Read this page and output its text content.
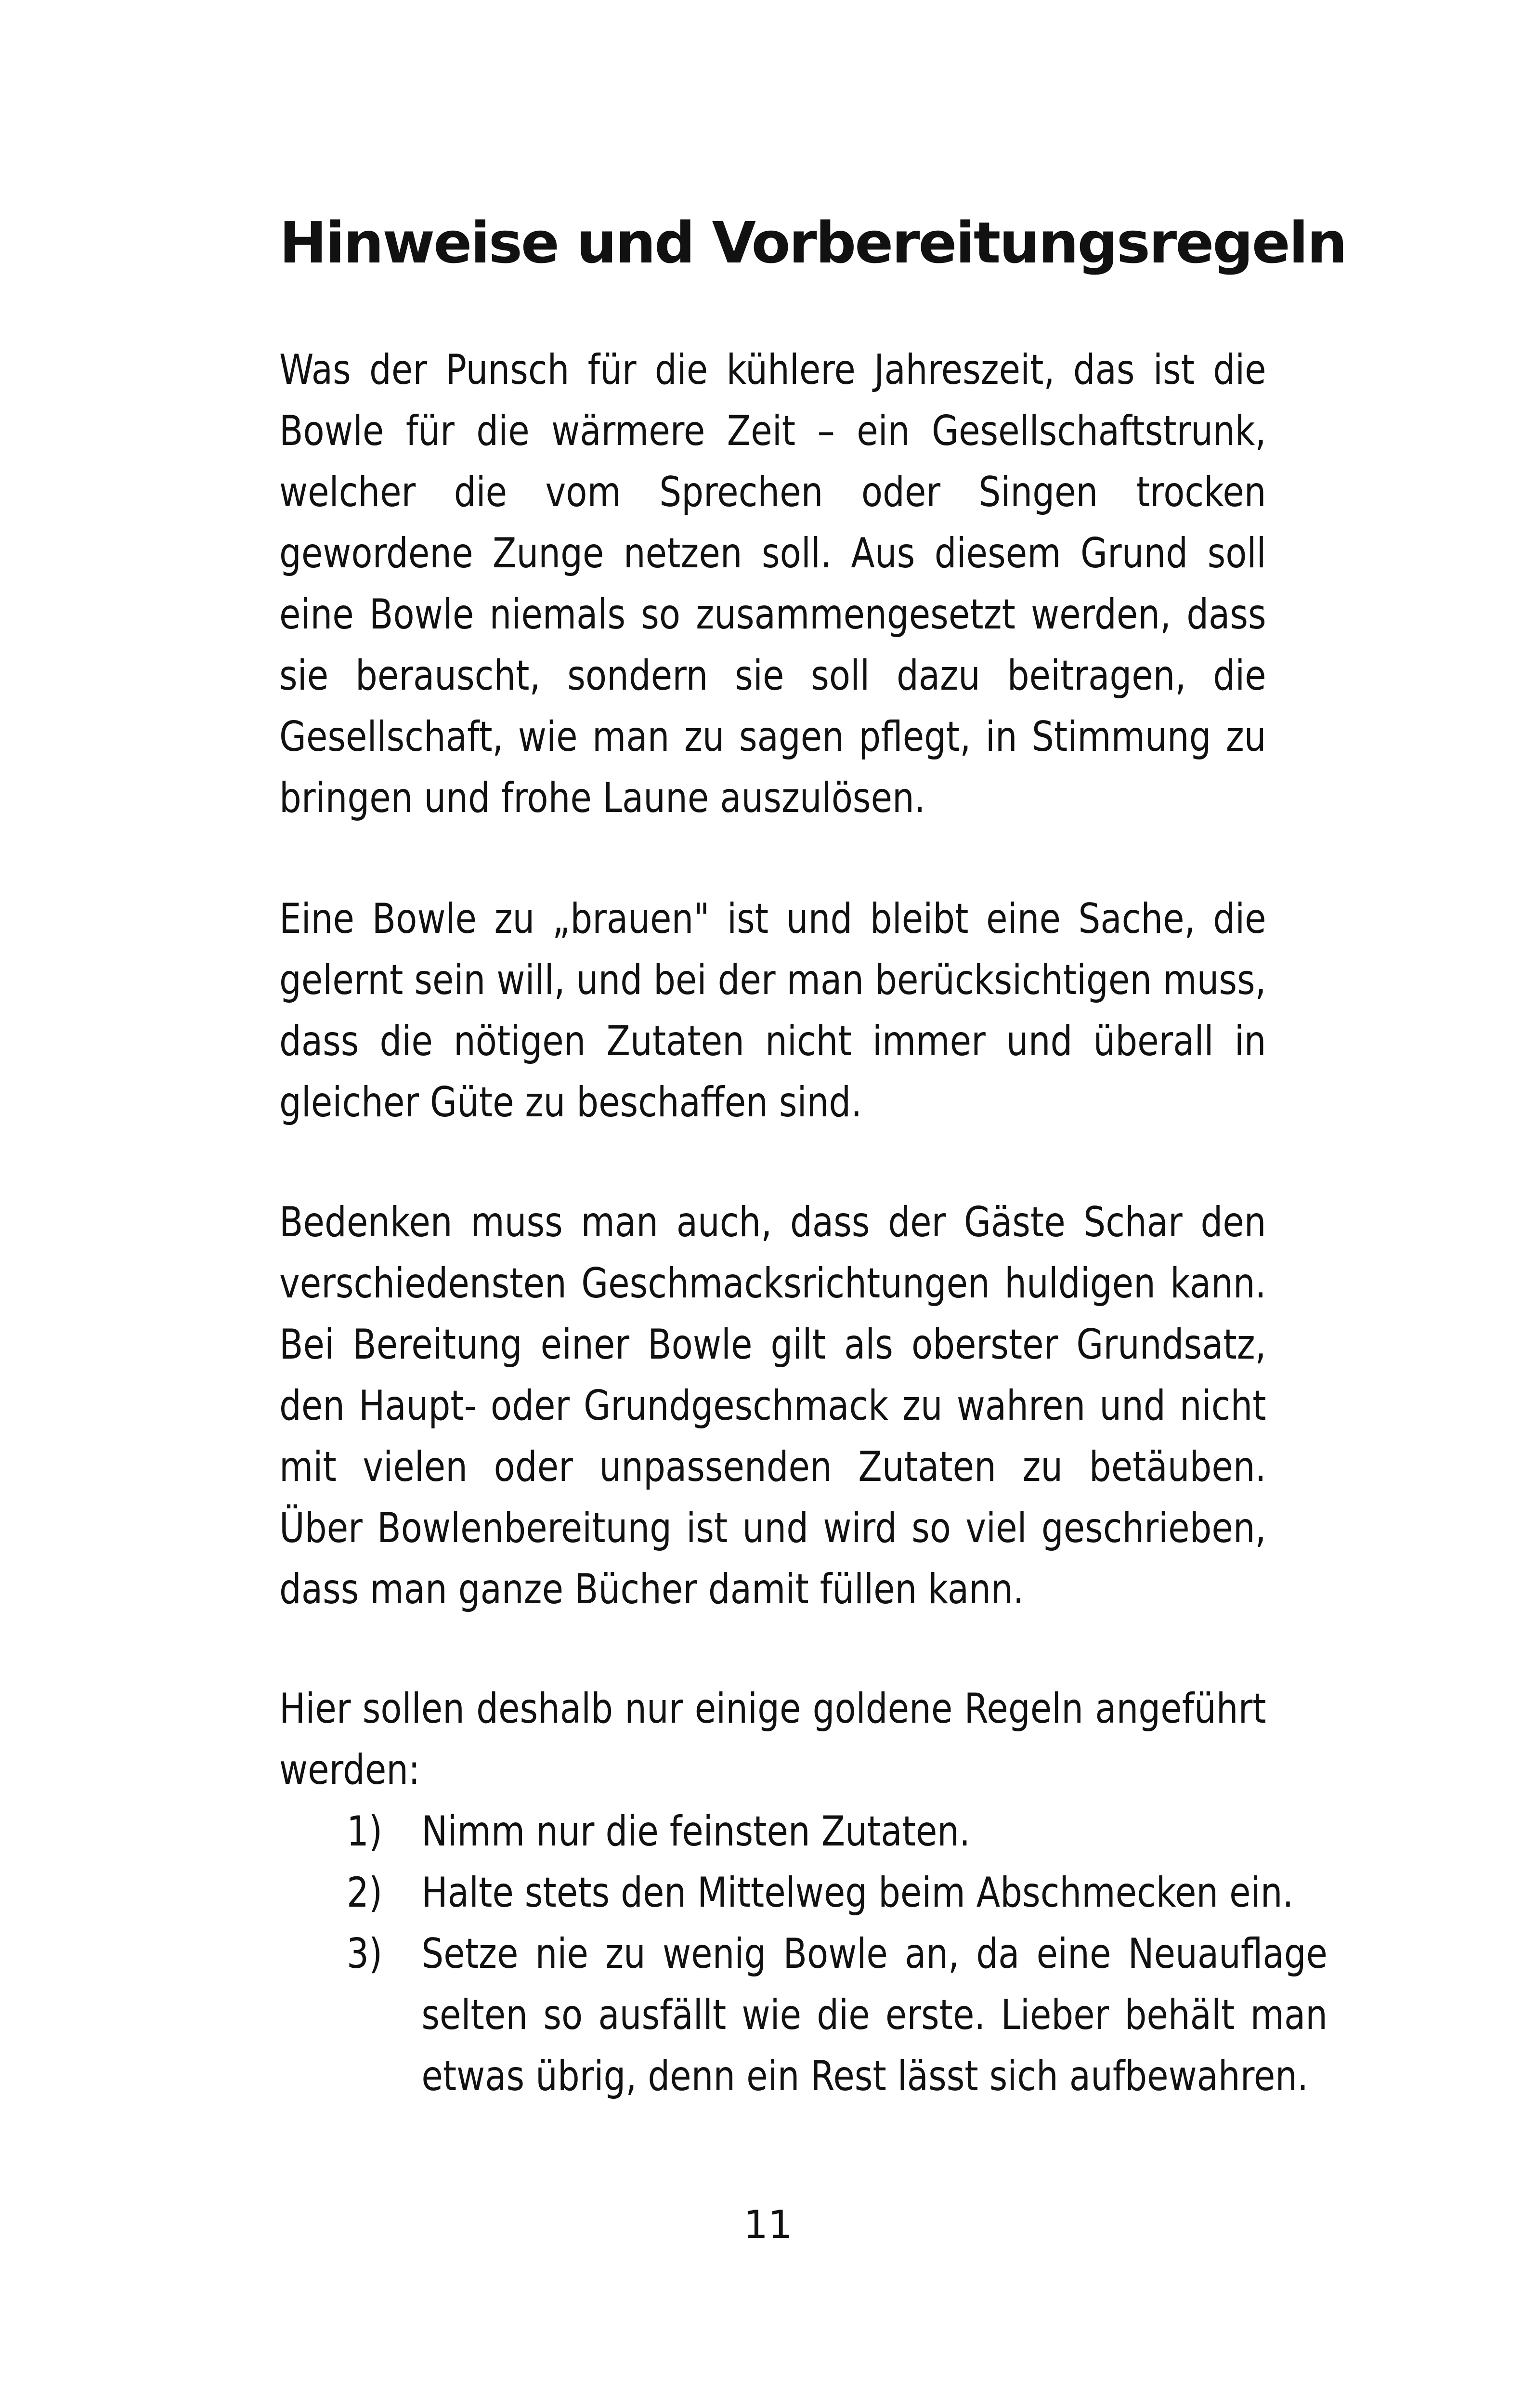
Hinweise und Vorbereitungsregeln

Was der Punsch für die kühlere Jahreszeit, das ist die Bowle für die wärmere Zeit – ein Gesellschaftstrunk, welcher die vom Sprechen oder Singen trocken gewordene Zunge netzen soll. Aus diesem Grund soll eine Bowle niemals so zusammengesetzt werden, dass sie berauscht, sondern sie soll dazu beitragen, die Gesellschaft, wie man zu sagen pflegt, in Stimmung zu bringen und frohe Laune auszulösen.

Eine Bowle zu „brauen" ist und bleibt eine Sache, die gelernt sein will, und bei der man berücksichtigen muss, dass die nötigen Zutaten nicht immer und überall in gleicher Güte zu beschaffen sind.

Bedenken muss man auch, dass der Gäste Schar den verschiedensten Geschmacksrichtungen huldigen kann. Bei Bereitung einer Bowle gilt als oberster Grundsatz, den Haupt- oder Grundgeschmack zu wahren und nicht mit vielen oder unpassenden Zutaten zu betäuben. Über Bowlenbereitung ist und wird so viel geschrieben, dass man ganze Bücher damit füllen kann.

Hier sollen deshalb nur einige goldene Regeln angeführt werden:

1) Nimm nur die feinsten Zutaten.
2) Halte stets den Mittelweg beim Abschmecken ein.
3) Setze nie zu wenig Bowle an, da eine Neuauflage selten so ausfällt wie die erste. Lieber behält man etwas übrig, denn ein Rest lässt sich aufbewahren.
11
